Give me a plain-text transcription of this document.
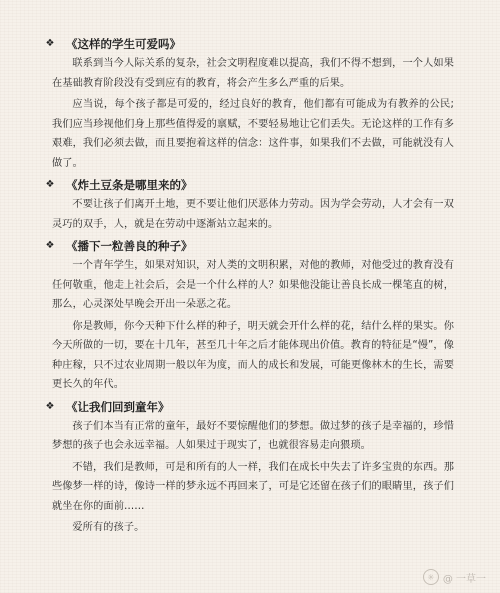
❖ 《这样的学生可爱吗》

联系到当今人际关系的复杂，社会文明程度难以提高，我们不得不想到，一个人如果在基础教育阶段没有受到应有的教育，将会产生多么严重的后果。

应当说，每个孩子都是可爱的，经过良好的教育，他们都有可能成为有教养的公民;我们应当珍视他们身上那些值得爱的禀赋，不要轻易地让它们丢失。无论这样的工作有多艰难，我们必须去做，而且要抱着这样的信念：这件事，如果我们不去做，可能就没有人做了。

❖ 《炸土豆条是哪里来的》

不要让孩子们离开土地，更不要让他们厌恶体力劳动。因为学会劳动，人才会有一双灵巧的双手，人，就是在劳动中逐渐站立起来的。

❖ 《播下一粒善良的种子》

一个青年学生，如果对知识，对人类的文明积累，对他的教师，对他受过的教育没有任何敬重，他走上社会后，会是一个什么样的人？如果他没能让善良长成一棵笔直的树，那么，心灵深处早晚会开出一朵恶之花。

你是教师，你今天种下什么样的种子，明天就会开什么样的花，结什么样的果实。你今天所做的一切，要在十几年，甚至几十年之后才能体现出价值。教育的特征是“慢”，像种庄稼，只不过农业周期一般以年为度，而人的成长和发展，可能更像林木的生长，需要更长久的年代。

❖ 《让我们回到童年》

孩子们本当有正常的童年，最好不要惊醒他们的梦想。做过梦的孩子是幸福的，珍惜梦想的孩子也会永远幸福。人如果过于现实了，也就很容易走向猥琐。

不错，我们是教师，可是和所有的人一样，我们在成长中失去了许多宝贵的东西。那些像梦一样的诗，像诗一样的梦永远不再回来了，可是它还留在孩子们的眼睛里，孩子们就坐在你的面前……

爱所有的孩子。

✳ @ 一草一
